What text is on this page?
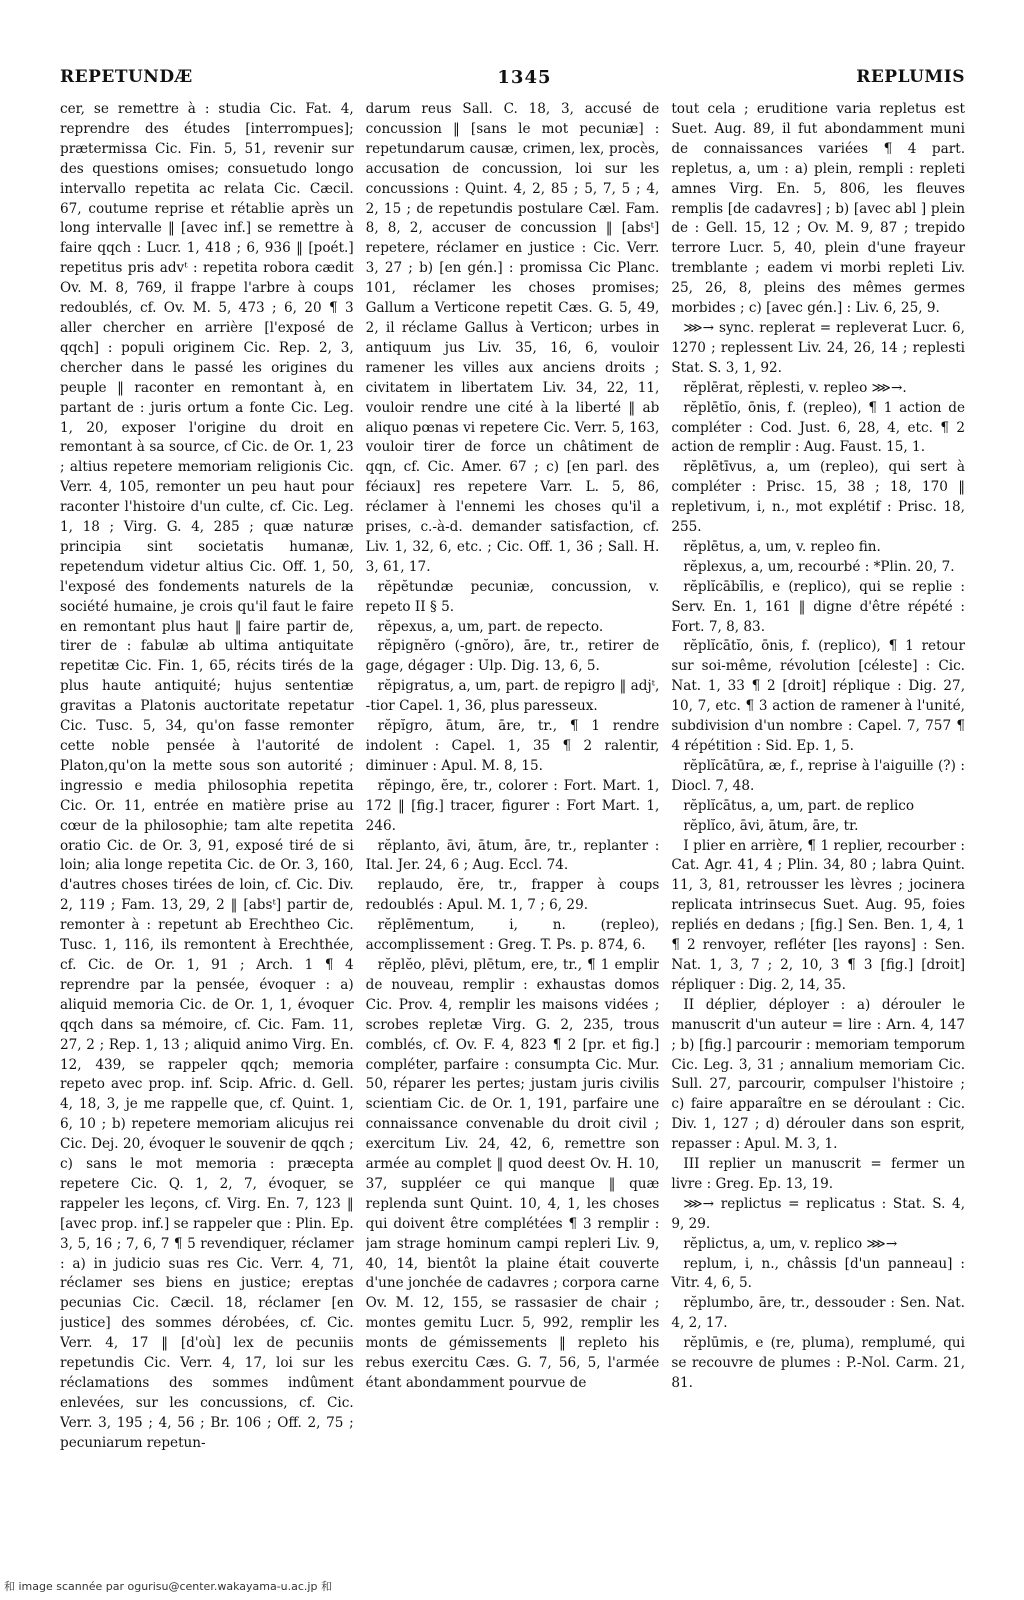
REPETUNDÆ	1345	REPLUMIS

cer, se remettre à : studia Cic. Fat. 4, reprendre des études [interrompues]; prætermissa Cic. Fin. 5, 51, revenir sur des questions omises; consuetudo longo intervallo repetita ac relata Cic. Cæcil. 67, coutume reprise et rétablie après un long intervalle ‖ [avec inf.] se remettre à faire qqch : Lucr. 1, 418 ; 6, 936 ‖ [poét.] repetitus pris advᵗ : repetita robora cædit Ov. M. 8, 769, il frappe l'arbre à coups redoublés, cf. Ov. M. 5, 473 ; 6, 20 ¶ 3 aller chercher en arrière [l'exposé de qqch] : populi originem Cic. Rep. 2, 3, chercher dans le passé les origines du peuple ‖ raconter en remontant à, en partant de : juris ortum a fonte Cic. Leg. 1, 20, exposer l'origine du droit en remontant à sa source, cf Cic. de Or. 1, 23 ; altius repetere memoriam religionis Cic. Verr. 4, 105, remonter un peu haut pour raconter l'histoire d'un culte, cf. Cic. Leg. 1, 18 ; Virg. G. 4, 285 ; quæ naturæ principia sint societatis humanæ, repetendum videtur altius Cic. Off. 1, 50, l'exposé des fondements naturels de la société humaine, je crois qu'il faut le faire en remontant plus haut ‖ faire partir de, tirer de : fabulæ ab ultima antiquitate repetitæ Cic. Fin. 1, 65, récits tirés de la plus haute antiquité; hujus sententiæ gravitas a Platonis auctoritate repetatur Cic. Tusc. 5, 34, qu'on fasse remonter cette noble pensée à l'autorité de Platon,qu'on la mette sous son autorité ; ingressio e media philosophia repetita Cic. Or. 11, entrée en matière prise au cœur de la philosophie; tam alte repetita oratio Cic. de Or. 3, 91, exposé tiré de si loin; alia longe repetita Cic. de Or. 3, 160, d'autres choses tirées de loin, cf. Cic. Div. 2, 119 ; Fam. 13, 29, 2 ‖ [absᵗ] partir de, remonter à : repetunt ab Erechtheo Cic. Tusc. 1, 116, ils remontent à Erechthée, cf. Cic. de Or. 1, 91 ; Arch. 1 ¶ 4 reprendre par la pensée, évoquer : a) aliquid memoria Cic. de Or. 1, 1, évoquer qqch dans sa mémoire, cf. Cic. Fam. 11, 27, 2 ; Rep. 1, 13 ; aliquid animo Virg. En. 12, 439, se rappeler qqch; memoria repeto avec prop. inf. Scip. Afric. d. Gell. 4, 18, 3, je me rappelle que, cf. Quint. 1, 6, 10 ; b) repetere memoriam alicujus rei Cic. Dej. 20, évoquer le souvenir de qqch ; c) sans le mot memoria : præcepta repetere Cic. Q. 1, 2, 7, évoquer, se rappeler les leçons, cf. Virg. En. 7, 123 ‖ [avec prop. inf.] se rappeler que : Plin. Ep. 3, 5, 16 ; 7, 6, 7 ¶ 5 revendiquer, réclamer : a) in judicio suas res Cic. Verr. 4, 71, réclamer ses biens en justice; ereptas pecunias Cic. Cæcil. 18, réclamer [en justice] des sommes dérobées, cf. Cic. Verr. 4, 17 ‖ [d'où] lex de pecuniis repetundis Cic. Verr. 4, 17, loi sur les réclamations des sommes indûment enlevées, sur les concussions, cf. Cic. Verr. 3, 195 ; 4, 56 ; Br. 106 ; Off. 2, 75 ; pecuniarum repetun-

darum reus Sall. C. 18, 3, accusé de concussion ‖ [sans le mot pecuniæ] : repetundarum causæ, crimen, lex, procès, accusation de concussion, loi sur les concussions : Quint. 4, 2, 85 ; 5, 7, 5 ; 4, 2, 15 ; de repetundis postulare Cæl. Fam. 8, 8, 2, accuser de concussion ‖ [absᵗ] repetere, réclamer en justice : Cic. Verr. 3, 27 ; b) [en gén.] : promissa Cic Planc. 101, réclamer les choses promises; Gallum a Verticone repetit Cæs. G. 5, 49, 2, il réclame Gallus à Verticon; urbes in antiquum jus Liv. 35, 16, 6, vouloir ramener les villes aux anciens droits ; civitatem in libertatem Liv. 34, 22, 11, vouloir rendre une cité à la liberté ‖ ab aliquo pœnas vi repetere Cic. Verr. 5, 163, vouloir tirer de force un châtiment de qqn, cf. Cic. Amer. 67 ; c) [en parl. des féciaux] res repetere Varr. L. 5, 86, réclamer à l'ennemi les choses qu'il a prises, c.-à-d. demander satisfaction, cf. Liv. 1, 32, 6, etc. ; Cic. Off. 1, 36 ; Sall. H. 3, 61, 17.

rĕpĕtundæ pecuniæ, concussion, v. repeto II § 5.

rĕpexus, a, um, part. de repecto.

rĕpignĕro (-gnŏro), āre, tr., retirer de gage, dégager : Ulp. Dig. 13, 6, 5.

rĕpigratus, a, um, part. de repigro ‖ adjᵗ, -tior Capel. 1, 36, plus paresseux.

rĕpĭgro, ātum, āre, tr., ¶ 1 rendre indolent : Capel. 1, 35 ¶ 2 ralentir, diminuer : Apul. M. 8, 15.

rĕpingo, ĕre, tr., colorer : Fort. Mart. 1, 172 ‖ [fig.] tracer, figurer : Fort Mart. 1, 246.

rĕplanto, āvi, ātum, āre, tr., replanter : Ital. Jer. 24, 6 ; Aug. Eccl. 74.

replaudo, ĕre, tr., frapper à coups redoublés : Apul. M. 1, 7 ; 6, 29.

rĕplēmentum, i, n. (repleo), accomplissement : Greg. T. Ps. p. 874, 6.

rĕplĕo, plēvi, plētum, ere, tr., ¶ 1 emplir de nouveau, remplir : exhaustas domos Cic. Prov. 4, remplir les maisons vidées ; scrobes repletæ Virg. G. 2, 235, trous comblés, cf. Ov. F. 4, 823 ¶ 2 [pr. et fig.] compléter, parfaire : consumpta Cic. Mur. 50, réparer les pertes; justam juris civilis scientiam Cic. de Or. 1, 191, parfaire une connaissance convenable du droit civil ; exercitum Liv. 24, 42, 6, remettre son armée au complet ‖ quod deest Ov. H. 10, 37, suppléer ce qui manque ‖ quæ replenda sunt Quint. 10, 4, 1, les choses qui doivent être complétées ¶ 3 remplir : jam strage hominum campi repleri Liv. 9, 40, 14, bientôt la plaine était couverte d'une jonchée de cadavres ; corpora carne Ov. M. 12, 155, se rassasier de chair ; montes gemitu Lucr. 5, 992, remplir les monts de gémissements ‖ repleto his rebus exercitu Cæs. G. 7, 56, 5, l'armée étant abondamment pourvue de

tout cela ; eruditione varia repletus est Suet. Aug. 89, il fut abondamment muni de connaissances variées ¶ 4 part. repletus, a, um : a) plein, rempli : repleti amnes Virg. En. 5, 806, les fleuves remplis [de cadavres] ; b) [avec abl ] plein de : Gell. 15, 12 ; Ov. M. 9, 87 ; trepido terrore Lucr. 5, 40, plein d'une frayeur tremblante ; eadem vi morbi repleti Liv. 25, 26, 8, pleins des mêmes germes morbides ; c) [avec gén.] : Liv. 6, 25, 9.

⋙→ sync. replerat = repleverat Lucr. 6, 1270 ; replessent Liv. 24, 26, 14 ; replesti Stat. S. 3, 1, 92.

rĕplērat, rĕplesti, v. repleo ⋙→.

rĕplētĭo, ōnis, f. (repleo), ¶ 1 action de compléter : Cod. Just. 6, 28, 4, etc. ¶ 2 action de remplir : Aug. Faust. 15, 1.

rĕplētīvus, a, um (repleo), qui sert à compléter : Prisc. 15, 38 ; 18, 170 ‖ repletivum, i, n., mot explétif : Prisc. 18, 255.

rĕplētus, a, um, v. repleo fin.

rĕplexus, a, um, recourbé : *Plin. 20, 7.

rĕplĭcābĭlis, e (replico), qui se replie : Serv. En. 1, 161 ‖ digne d'être répété : Fort. 7, 8, 83.

rĕplĭcātĭo, ōnis, f. (replico), ¶ 1 retour sur soi-même, révolution [céleste] : Cic. Nat. 1, 33 ¶ 2 [droit] réplique : Dig. 27, 10, 7, etc. ¶ 3 action de ramener à l'unité, subdivision d'un nombre : Capel. 7, 757 ¶ 4 répétition : Sid. Ep. 1, 5.

rĕplĭcātūra, æ, f., reprise à l'aiguille (?) : Diocl. 7, 48.

rĕplĭcātus, a, um, part. de replico

rĕplĭco, āvi, ātum, āre, tr.

I plier en arrière, ¶ 1 replier, recourber : Cat. Agr. 41, 4 ; Plin. 34, 80 ; labra Quint. 11, 3, 81, retrousser les lèvres ; jocinera replicata intrinsecus Suet. Aug. 95, foies repliés en dedans ; [fig.] Sen. Ben. 1, 4, 1 ¶ 2 renvoyer, refléter [les rayons] : Sen. Nat. 1, 3, 7 ; 2, 10, 3 ¶ 3 [fig.] [droit] répliquer : Dig. 2, 14, 35.

II déplier, déployer : a) dérouler le manuscrit d'un auteur = lire : Arn. 4, 147 ; b) [fig.] parcourir : memoriam temporum Cic. Leg. 3, 31 ; annalium memoriam Cic. Sull. 27, parcourir, compulser l'histoire ; c) faire apparaître en se déroulant : Cic. Div. 1, 127 ; d) dérouler dans son esprit, repasser : Apul. M. 3, 1.

III replier un manuscrit = fermer un livre : Greg. Ep. 13, 19.

⋙→ replictus = replicatus : Stat. S. 4, 9, 29.

rĕplictus, a, um, v. replico ⋙→

replum, i, n., châssis [d'un panneau] : Vitr. 4, 6, 5.

rĕplumbo, āre, tr., dessouder : Sen. Nat. 4, 2, 17.

rĕplūmis, e (re, pluma), remplumé, qui se recouvre de plumes : P.-Nol. Carm. 21, 81.

和 image scannée par ogurisu@center.wakayama-u.ac.jp 和
